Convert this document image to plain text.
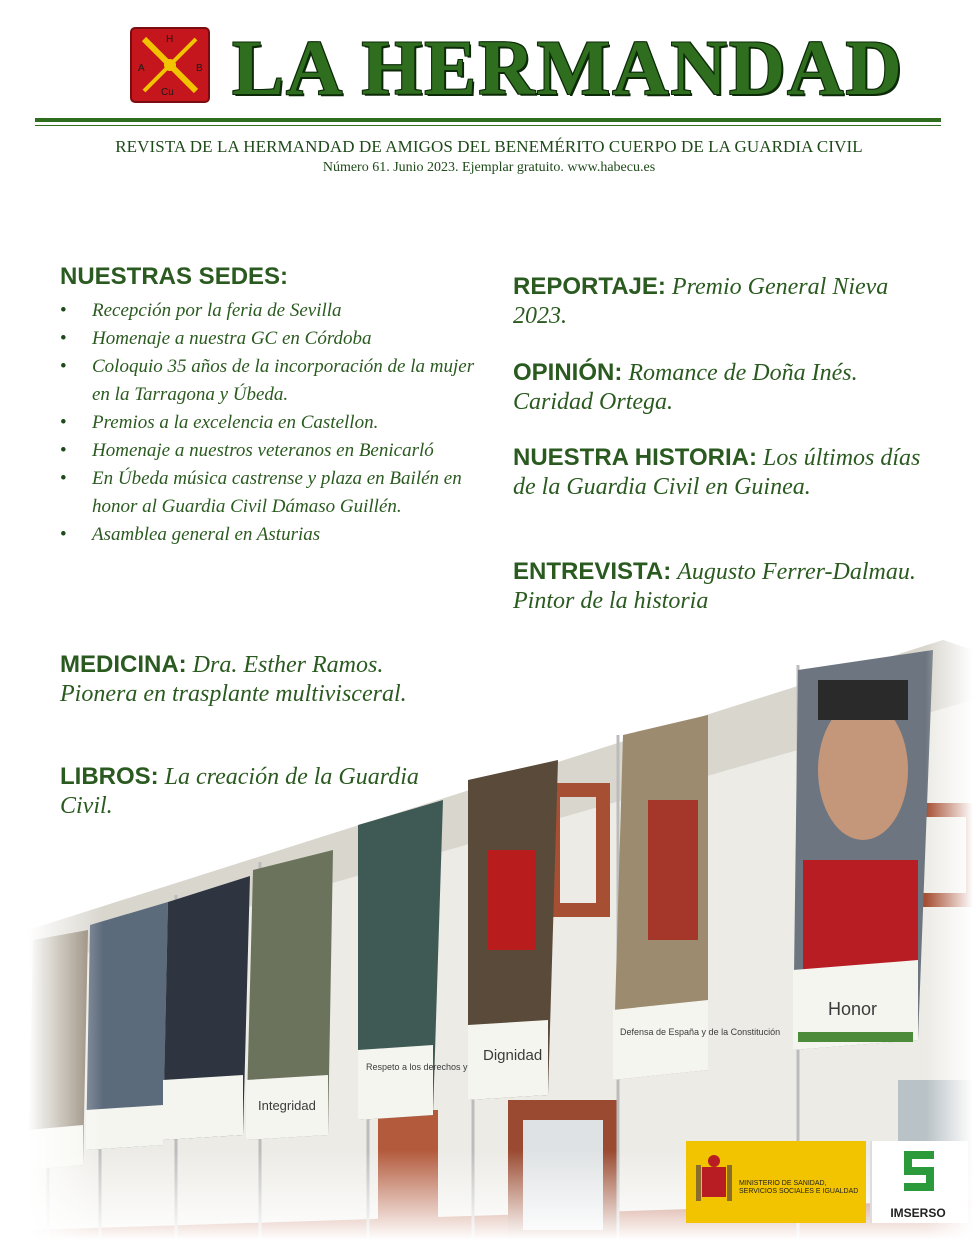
H
A	B
Cu LA HERMANDAD
REVISTA DE LA HERMANDAD DE AMIGOS DEL BENEMÉRITO CUERPO DE LA GUARDIA CIVIL
Número 61. Junio 2023. Ejemplar gratuito. www.habecu.es
NUESTRAS SEDES:
• Recepción por la feria de Sevilla
• Homenaje a nuestra GC en Córdoba
• Coloquio 35 años de la incorporación de la mujer en la Tarragona y Úbeda.
• Premios a la excelencia en Castellon.
• Homenaje a nuestros veteranos en Benicarló
• En Úbeda música castrense y plaza en Bailén en honor al Guardia Civil Dámaso Guillén.
• Asamblea general en Asturias
MEDICINA: Dra. Esther Ramos. Pionera en trasplante multivisceral.
LIBROS: La creación de la Guardia Civil.
REPORTAJE: Premio General Nieva 2023.
OPINIÓN: Romance de Doña Inés. Caridad Ortega.
NUESTRA HISTORIA: Los últimos días de la Guardia Civil en Guinea.
ENTREVISTA: Augusto Ferrer-Dalmau. Pintor de la historia
MINISTERIO DE SANIDAD, SERVICIOS SOCIALES E IGUALDAD
IMSERSO
